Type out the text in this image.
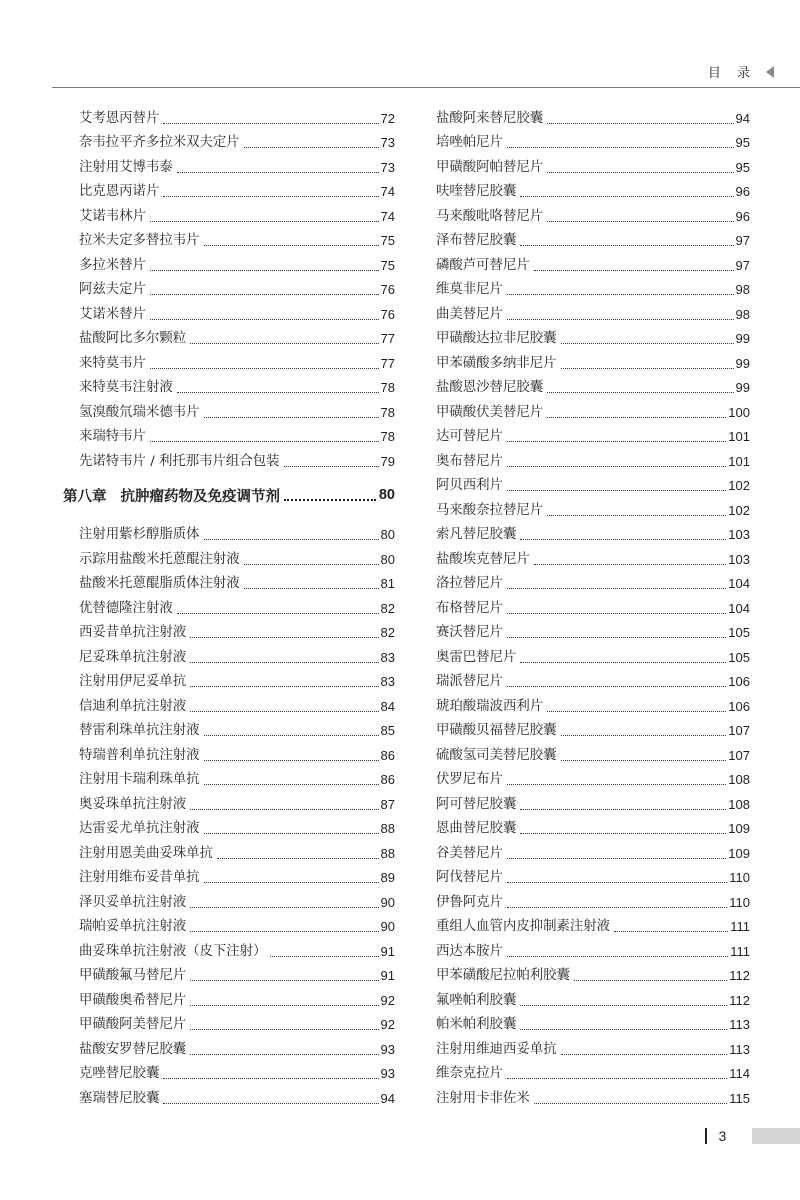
目 录
艾考恩丙替片	72
奈韦拉平齐多拉米双夫定片	73
注射用艾博韦泰	73
比克恩丙诺片	74
艾诺韦林片	74
拉米夫定多替拉韦片	75
多拉米替片	75
阿兹夫定片	76
艾诺米替片	76
盐酸阿比多尔颗粒	77
来特莫韦片	77
来特莫韦注射液	78
氢溴酸氘瑞米德韦片	78
来瑞特韦片	78
先诺特韦片 / 利托那韦片组合包装	79
第八章 抗肿瘤药物及免疫调节剂	80
注射用紫杉醇脂质体	80
示踪用盐酸米托蒽醌注射液	80
盐酸米托蒽醌脂质体注射液	81
优替德隆注射液	82
西妥昔单抗注射液	82
尼妥珠单抗注射液	83
注射用伊尼妥单抗	83
信迪利单抗注射液	84
替雷利珠单抗注射液	85
特瑞普利单抗注射液	86
注射用卡瑞利珠单抗	86
奥妥珠单抗注射液	87
达雷妥尤单抗注射液	88
注射用恩美曲妥珠单抗	88
注射用维布妥昔单抗	89
泽贝妥单抗注射液	90
瑞帕妥单抗注射液	90
曲妥珠单抗注射液（皮下注射）	91
甲磺酸氟马替尼片	91
甲磺酸奥希替尼片	92
甲磺酸阿美替尼片	92
盐酸安罗替尼胶囊	93
克唑替尼胶囊	93
塞瑞替尼胶囊	94
盐酸阿来替尼胶囊	94
培唑帕尼片	95
甲磺酸阿帕替尼片	95
呋喹替尼胶囊	96
马来酸吡咯替尼片	96
泽布替尼胶囊	97
磷酸芦可替尼片	97
维莫非尼片	98
曲美替尼片	98
甲磺酸达拉非尼胶囊	99
甲苯磺酸多纳非尼片	99
盐酸恩沙替尼胶囊	99
甲磺酸伏美替尼片	100
达可替尼片	101
奥布替尼片	101
阿贝西利片	102
马来酸奈拉替尼片	102
索凡替尼胶囊	103
盐酸埃克替尼片	103
洛拉替尼片	104
布格替尼片	104
赛沃替尼片	105
奥雷巴替尼片	105
瑞派替尼片	106
琥珀酸瑞波西利片	106
甲磺酸贝福替尼胶囊	107
硫酸氢司美替尼胶囊	107
伏罗尼布片	108
阿可替尼胶囊	108
恩曲替尼胶囊	109
谷美替尼片	109
阿伐替尼片	110
伊鲁阿克片	110
重组人血管内皮抑制素注射液	111
西达本胺片	111
甲苯磺酸尼拉帕利胶囊	112
氟唑帕利胶囊	112
帕米帕利胶囊	113
注射用维迪西妥单抗	113
维奈克拉片	114
注射用卡非佐米	115
3
